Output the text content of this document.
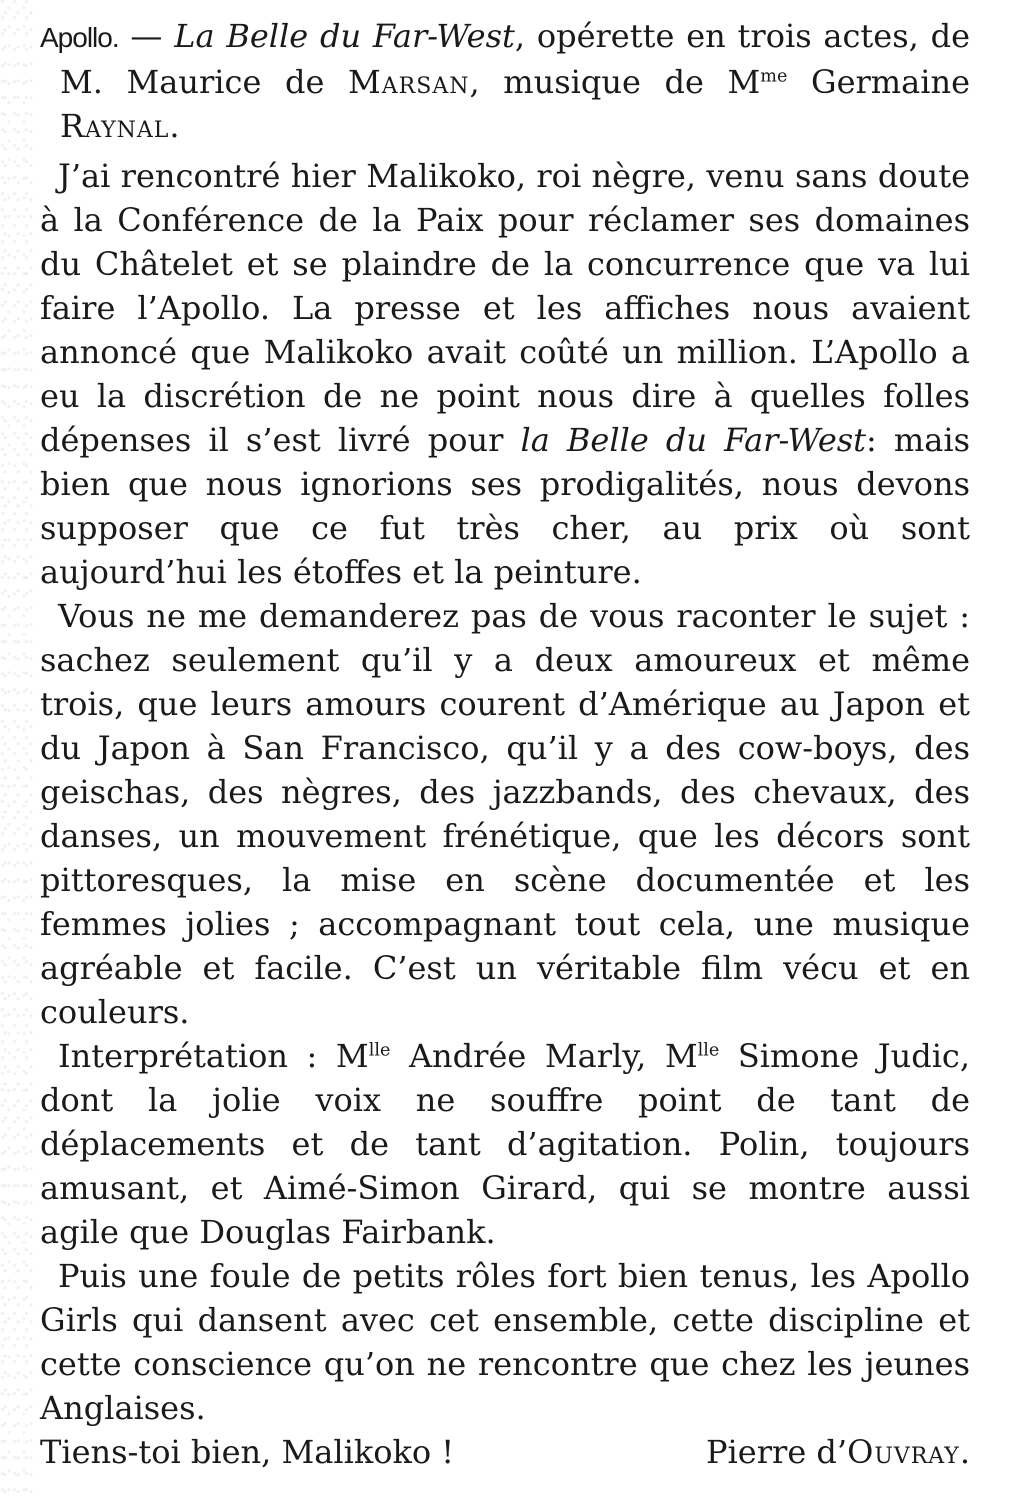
Apollo. — La Belle du Far-West, opérette en trois actes, de M. Maurice de Marsan, musique de $M^{me}$ Germaine Raynal.

J’ai rencontré hier Malikoko, roi nègre, venu sans doute à la Conférence de la Paix pour réclamer ses domaines du Châtelet et se plaindre de la concurrence que va lui faire l’Apollo. La presse et les affiches nous avaient annoncé que Malikoko avait coûté un million. L’Apollo a eu la discrétion de ne point nous dire à quelles folles dépenses il s’est livré pour la Belle du Far-West: mais bien que nous ignorions ses prodigalités, nous devons supposer que ce fut très cher, au prix où sont aujourd’hui les étoffes et la peinture.

Vous ne me demanderez pas de vous raconter le sujet : sachez seulement qu’il y a deux amoureux et même trois, que leurs amours courent d’Amérique au Japon et du Japon à San Francisco, qu’il y a des cow-boys, des geischas, des nègres, des jazzbands, des chevaux, des danses, un mouvement frénétique, que les décors sont pittoresques, la mise en scène documentée et les femmes jolies ; accompagnant tout cela, une musique agréable et facile. C’est un véritable film vécu et en couleurs.

Interprétation : $M^{lle}$ Andrée Marly, $M^{lle}$ Simone Judic, dont la jolie voix ne souffre point de tant de déplacements et de tant d’agitation. Polin, toujours amusant, et Aimé-Simon Girard, qui se montre aussi agile que Douglas Fairbank.

Puis une foule de petits rôles fort bien tenus, les Apollo Girls qui dansent avec cet ensemble, cette discipline et cette conscience qu’on ne rencontre que chez les jeunes Anglaises.

Tiens-toi bien, Malikoko !	Pierre d’Ouvray.
